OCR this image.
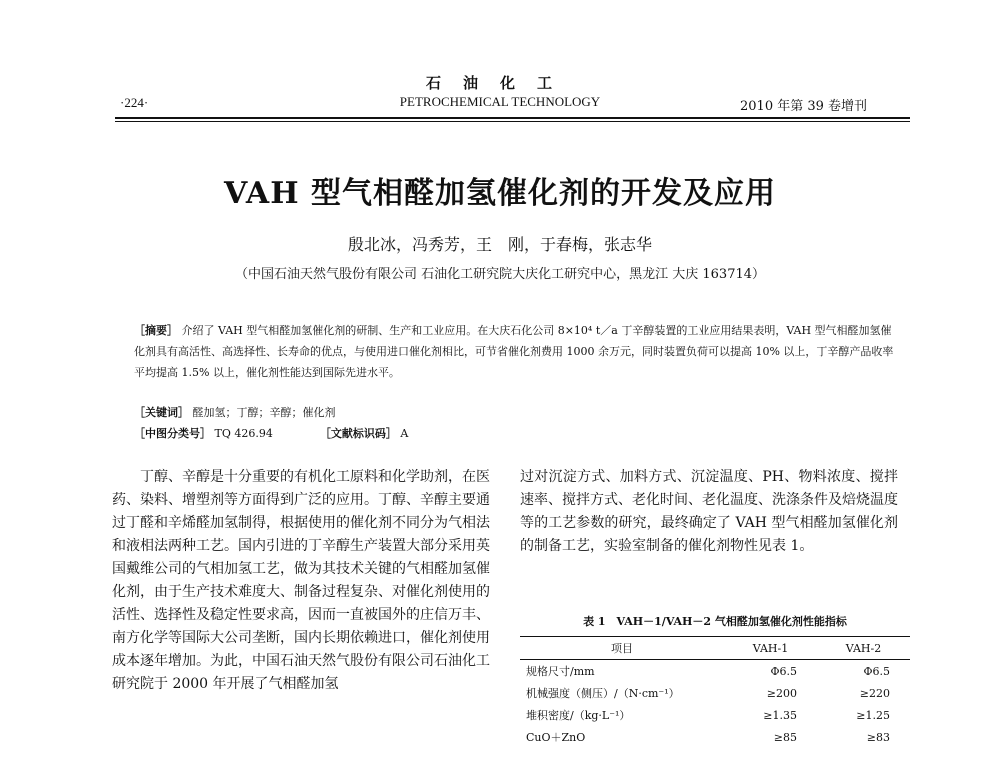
石油化工
·224·	PETROCHEMICAL TECHNOLOGY	2010 年第 39 卷增刊
VAH 型气相醛加氢催化剂的开发及应用
殷北冰，冯秀芳，王　刚，于春梅，张志华
（中国石油天然气股份有限公司 石油化工研究院大庆化工研究中心，黑龙江 大庆 163714）
［摘要］ 介绍了 VAH 型气相醛加氢催化剂的研制、生产和工业应用。在大庆石化公司 8×10⁴ t／a 丁辛醇装置的工业应用结果表明，VAH 型气相醛加氢催化剂具有高活性、高选择性、长寿命的优点，与使用进口催化剂相比，可节省催化剂费用 1000 余万元，同时装置负荷可以提高 10% 以上，丁辛醇产品收率平均提高 1.5% 以上，催化剂性能达到国际先进水平。
［关键词］ 醛加氢；丁醇；辛醇；催化剂
［中图分类号］ TQ 426.94	［文献标识码］ A

丁醇、辛醇是十分重要的有机化工原料和化学助剂，在医药、染料、增塑剂等方面得到广泛的应用。丁醇、辛醇主要通过丁醛和辛烯醛加氢制得，根据使用的催化剂不同分为气相法和液相法两种工艺。国内引进的丁辛醇生产装置大部分采用英国戴维公司的气相加氢工艺，做为其技术关键的气相醛加氢催化剂，由于生产技术难度大、制备过程复杂、对催化剂使用的活性、选择性及稳定性要求高，因而一直被国外的庄信万丰、南方化学等国际大公司垄断，国内长期依赖进口，催化剂使用成本逐年增加。为此，中国石油天然气股份有限公司石油化工研究院于 2000 年开展了气相醛加氢

过对沉淀方式、加料方式、沉淀温度、PH、物料浓度、搅拌速率、搅拌方式、老化时间、老化温度、洗涤条件及焙烧温度等的工艺参数的研究，最终确定了 VAH 型气相醛加氢催化剂的制备工艺，实验室制备的催化剂物性见表 1。

表 1　VAH－1/VAH－2 气相醛加氢催化剂性能指标
项目	VAH-1	VAH-2
规格尺寸/mm	Φ6.5	Φ6.5
机械强度（侧压）/（N·cm⁻¹）	≥200	≥220
堆积密度/（kg·L⁻¹）	≥1.35	≥1.25
CuO＋ZnO	≥85	≥83
